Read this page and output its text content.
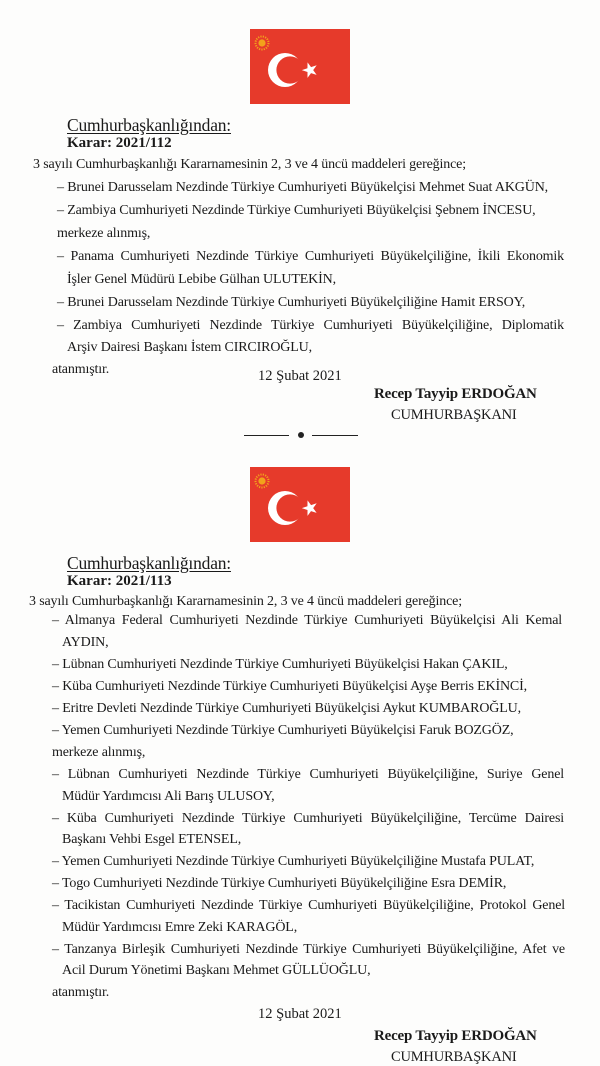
Cumhurbaşkanlığından:
Karar: 2021/112
3 sayılı Cumhurbaşkanlığı Kararnamesinin 2, 3 ve 4 üncü maddeleri gereğince;
– Brunei Darusselam Nezdinde Türkiye Cumhuriyeti Büyükelçisi Mehmet Suat AKGÜN,
– Zambiya Cumhuriyeti Nezdinde Türkiye Cumhuriyeti Büyükelçisi Şebnem İNCESU,
merkeze alınmış,
– Panama Cumhuriyeti Nezdinde Türkiye Cumhuriyeti Büyükelçiliğine, İkili Ekonomik
İşler Genel Müdürü Lebibe Gülhan ULUTEKİN,
– Brunei Darusselam Nezdinde Türkiye Cumhuriyeti Büyükelçiliğine Hamit ERSOY,
– Zambiya Cumhuriyeti Nezdinde Türkiye Cumhuriyeti Büyükelçiliğine, Diplomatik
Arşiv Dairesi Başkanı İstem CIRCIROĞLU,
atanmıştır.	12 Şubat 2021
Recep Tayyip ERDOĞAN
CUMHURBAŞKANI
Cumhurbaşkanlığından:
Karar: 2021/113
3 sayılı Cumhurbaşkanlığı Kararnamesinin 2, 3 ve 4 üncü maddeleri gereğince;
– Almanya Federal Cumhuriyeti Nezdinde Türkiye Cumhuriyeti Büyükelçisi Ali Kemal
AYDIN,
– Lübnan Cumhuriyeti Nezdinde Türkiye Cumhuriyeti Büyükelçisi Hakan ÇAKIL,
– Küba Cumhuriyeti Nezdinde Türkiye Cumhuriyeti Büyükelçisi Ayşe Berris EKİNCİ,
– Eritre Devleti Nezdinde Türkiye Cumhuriyeti Büyükelçisi Aykut KUMBAROĞLU,
– Yemen Cumhuriyeti Nezdinde Türkiye Cumhuriyeti Büyükelçisi Faruk BOZGÖZ,
merkeze alınmış,
– Lübnan Cumhuriyeti Nezdinde Türkiye Cumhuriyeti Büyükelçiliğine, Suriye Genel
Müdür Yardımcısı Ali Barış ULUSOY,
– Küba Cumhuriyeti Nezdinde Türkiye Cumhuriyeti Büyükelçiliğine, Tercüme Dairesi
Başkanı Vehbi Esgel ETENSEL,
– Yemen Cumhuriyeti Nezdinde Türkiye Cumhuriyeti Büyükelçiliğine Mustafa PULAT,
– Togo Cumhuriyeti Nezdinde Türkiye Cumhuriyeti Büyükelçiliğine Esra DEMİR,
– Tacikistan Cumhuriyeti Nezdinde Türkiye Cumhuriyeti Büyükelçiliğine, Protokol Genel
Müdür Yardımcısı Emre Zeki KARAGÖL,
– Tanzanya Birleşik Cumhuriyeti Nezdinde Türkiye Cumhuriyeti Büyükelçiliğine, Afet ve
Acil Durum Yönetimi Başkanı Mehmet GÜLLÜOĞLU,
atanmıştır.
12 Şubat 2021
Recep Tayyip ERDOĞAN
CUMHURBAŞKANI
